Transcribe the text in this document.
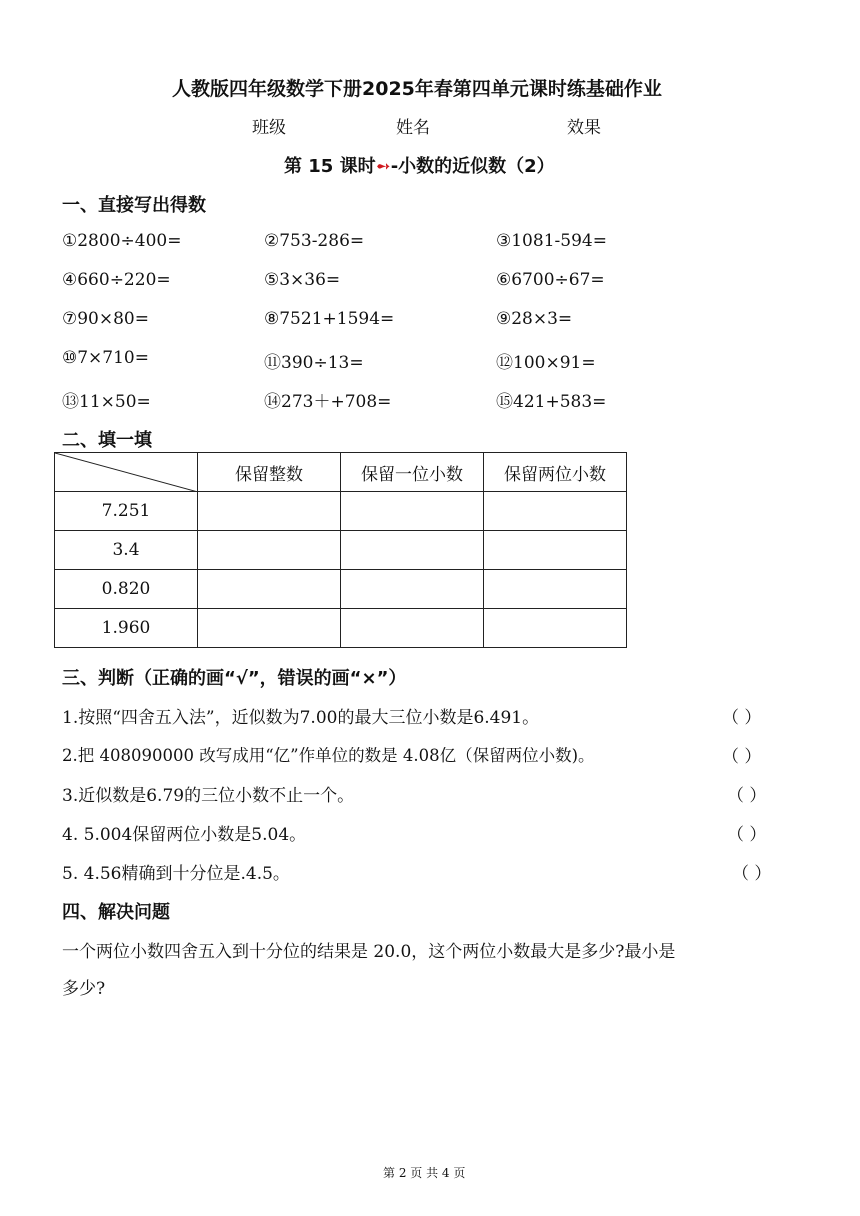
人教版四年级数学下册2025年春第四单元课时练基础作业
班级	姓名	效果
第 15 课时➻-小数的近似数（2）
一、直接写出得数
①2800÷400=	②753-286=	③1081-594=
④660÷220=	⑤3×36=	⑥6700÷67=
⑦90×80=	⑧7521+1594=	⑨28×3=
⑩7×710=	⑪390÷13=	⑫100×91=
⑬11×50=	⑭273＋+708=	⑮421+583=
二、填一填
	保留整数	保留一位小数	保留两位小数
7.251			
3.4			
0.820			
1.960			
三、判断（正确的画“√”，错误的画“×”）
1.按照“四舍五入法”，近似数为7.00的最大三位小数是6.491。	（ ）
2.把 408090000 改写成用“亿”作单位的数是 4.08亿（保留两位小数)。	（ ）
3.近似数是6.79的三位小数不止一个。	（ ）
4. 5.004保留两位小数是5.04。	（ ）
5. 4.56精确到十分位是.4.5。	（ ）
四、解决问题
一个两位小数四舍五入到十分位的结果是 20.0，这个两位小数最大是多少?最小是
多少?
第 2 页 共 4 页
